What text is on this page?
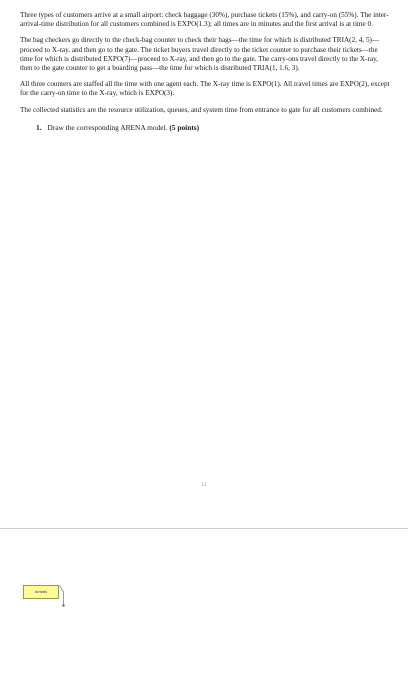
Three types of customers arrive at a small airport: check baggage (30%), purchase tickets (15%), and carry-on (55%). The inter-arrival-time distribution for all customers combined is EXPO(1.3); all times are in minutes and the first arrival is at time 0.

The bag checkers go directly to the check-bag counter to check their bags—the time for which is distributed TRIA(2, 4, 5)—proceed to X-ray, and then go to the gate. The ticket buyers travel directly to the ticket counter to purchase their tickets—the time for which is distributed EXPO(7)—proceed to X-ray, and then go to the gate. The carry-ons travel directly to the X-ray, then to the gate counter to get a boarding pass—the time for which is distributed TRIA(1, 1.6, 3).

All three counters are staffed all the time with one agent each. The X-ray time is EXPO(1). All travel times are EXPO(2), except for the carry-on time to the X-ray, which is EXPO(3).

The collected statistics are the resource utilization, queues, and system time from entrance to gate for all customers combined.

1. Draw the corresponding ARENA model. (5 points)

12
Arrivals
